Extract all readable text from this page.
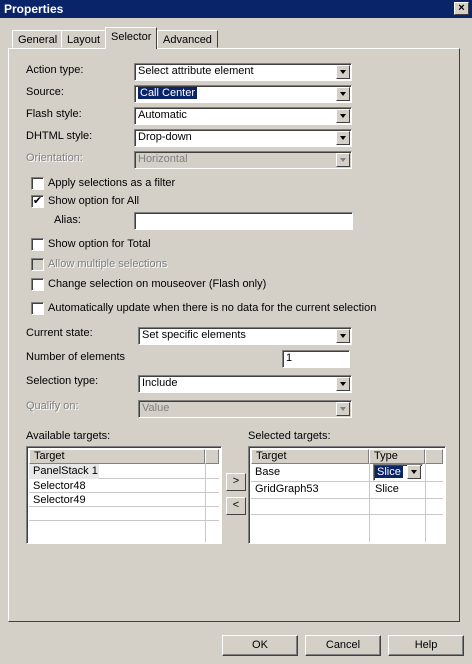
Properties	×
General Layout Selector	Advanced
Action type:	Select attribute element
Source:	Call Center
Flash style:	Automatic
DHTML style:	Drop-down
Orientation:	Horizontal
Apply selections as a filter
✔ Show option for All
Alias:
Show option for Total
Allow multiple selections
Change selection on mouseover (Flash only)
Automatically update when there is no data for the current selection
Current state:	Set specific elements
Number of elements	1
Selection type:	Include
Qualify on:	Value
Available targets:
Target
PanelStack 1
Selector48
Selector49
>
<
Selected targets:
Target	Type
Base	Slice
GridGraph53	Slice
OK	Cancel	Help
